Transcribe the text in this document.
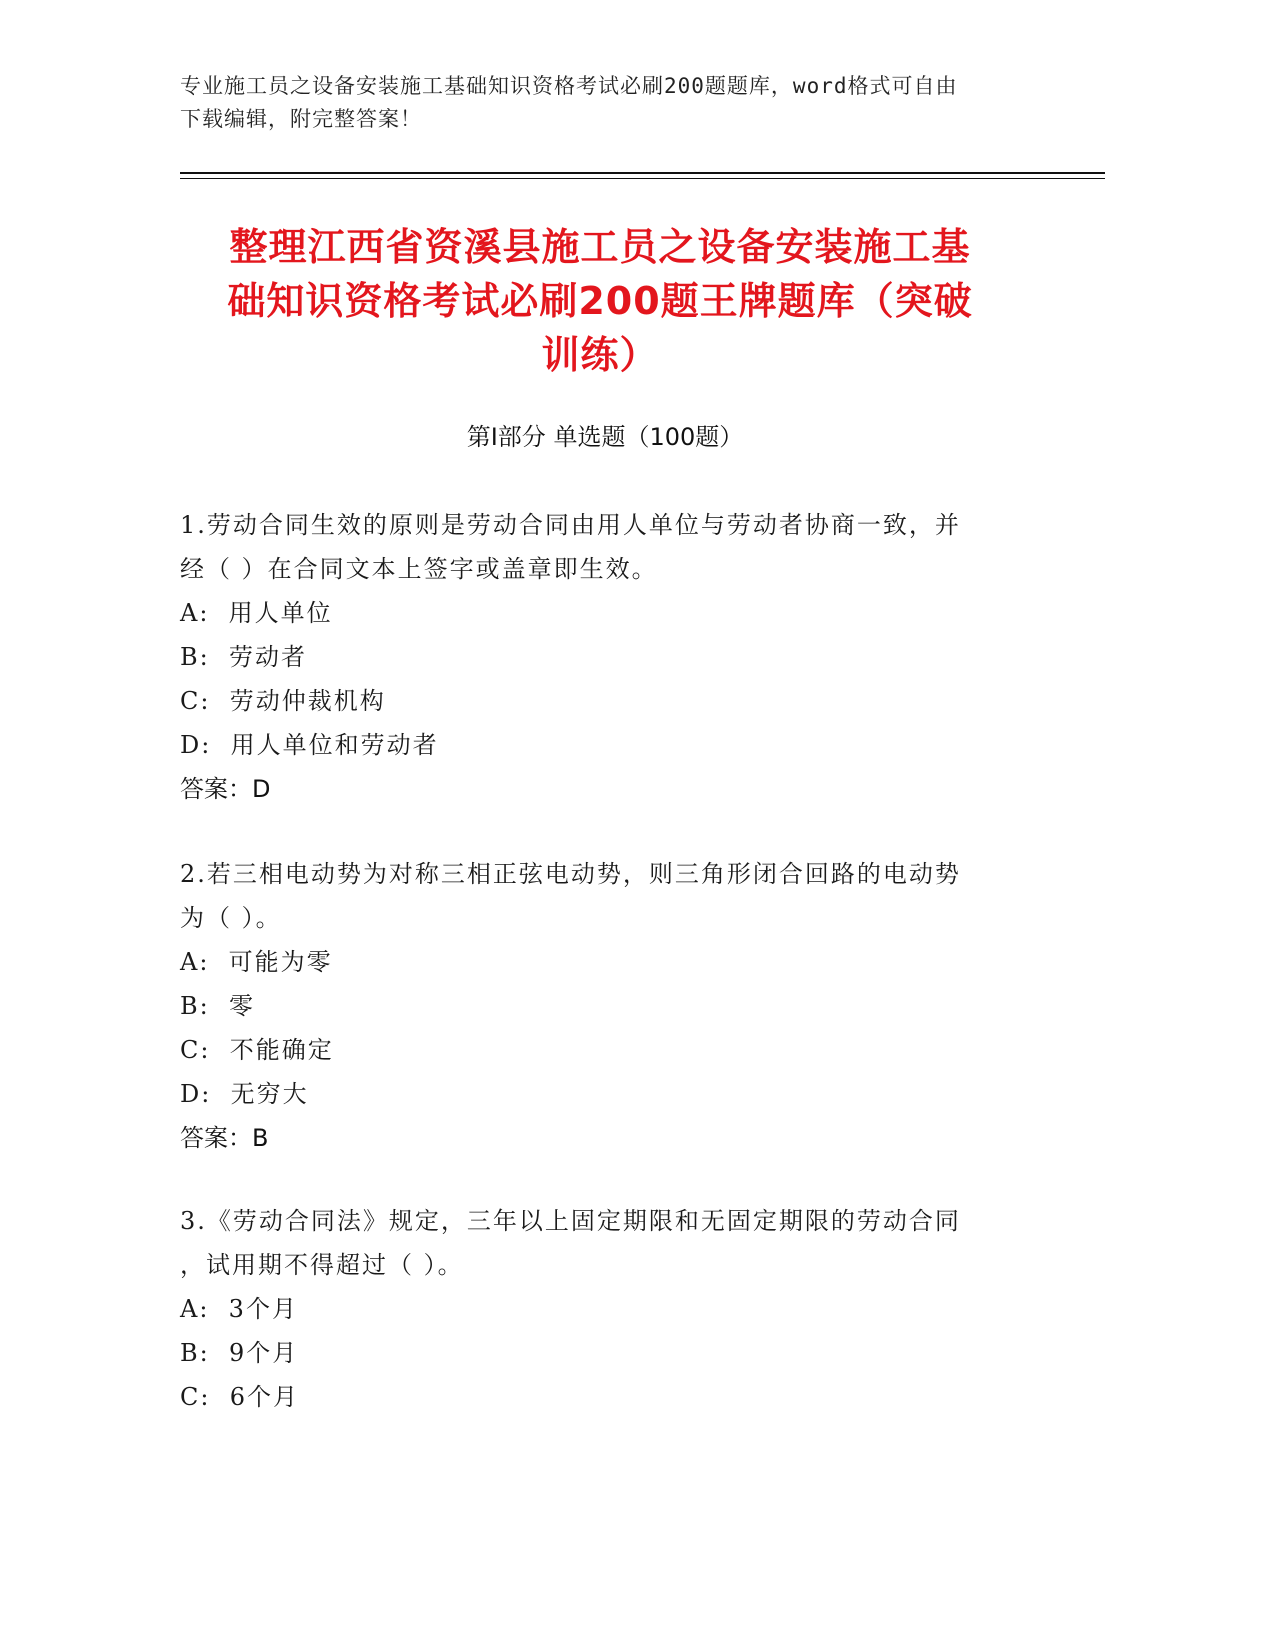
专业施工员之设备安装施工基础知识资格考试必刷200题题库，word格式可自由
下载编辑，附完整答案！
整理江西省资溪县施工员之设备安装施工基
础知识资格考试必刷200题王牌题库（突破
训练）
第I部分 单选题（100题）

1.劳动合同生效的原则是劳动合同由用人单位与劳动者协商一致，并

经（ ）在合同文本上签字或盖章即生效。

A:  用人单位

B:  劳动者

C:  劳动仲裁机构

D:  用人单位和劳动者

答案：D

2.若三相电动势为对称三相正弦电动势，则三角形闭合回路的电动势

为（ ）。

A:  可能为零

B:  零

C:  不能确定

D:  无穷大

答案：B

3.《劳动合同法》规定，三年以上固定期限和无固定期限的劳动合同

，试用期不得超过（ ）。

A:  3个月

B:  9个月

C:  6个月
